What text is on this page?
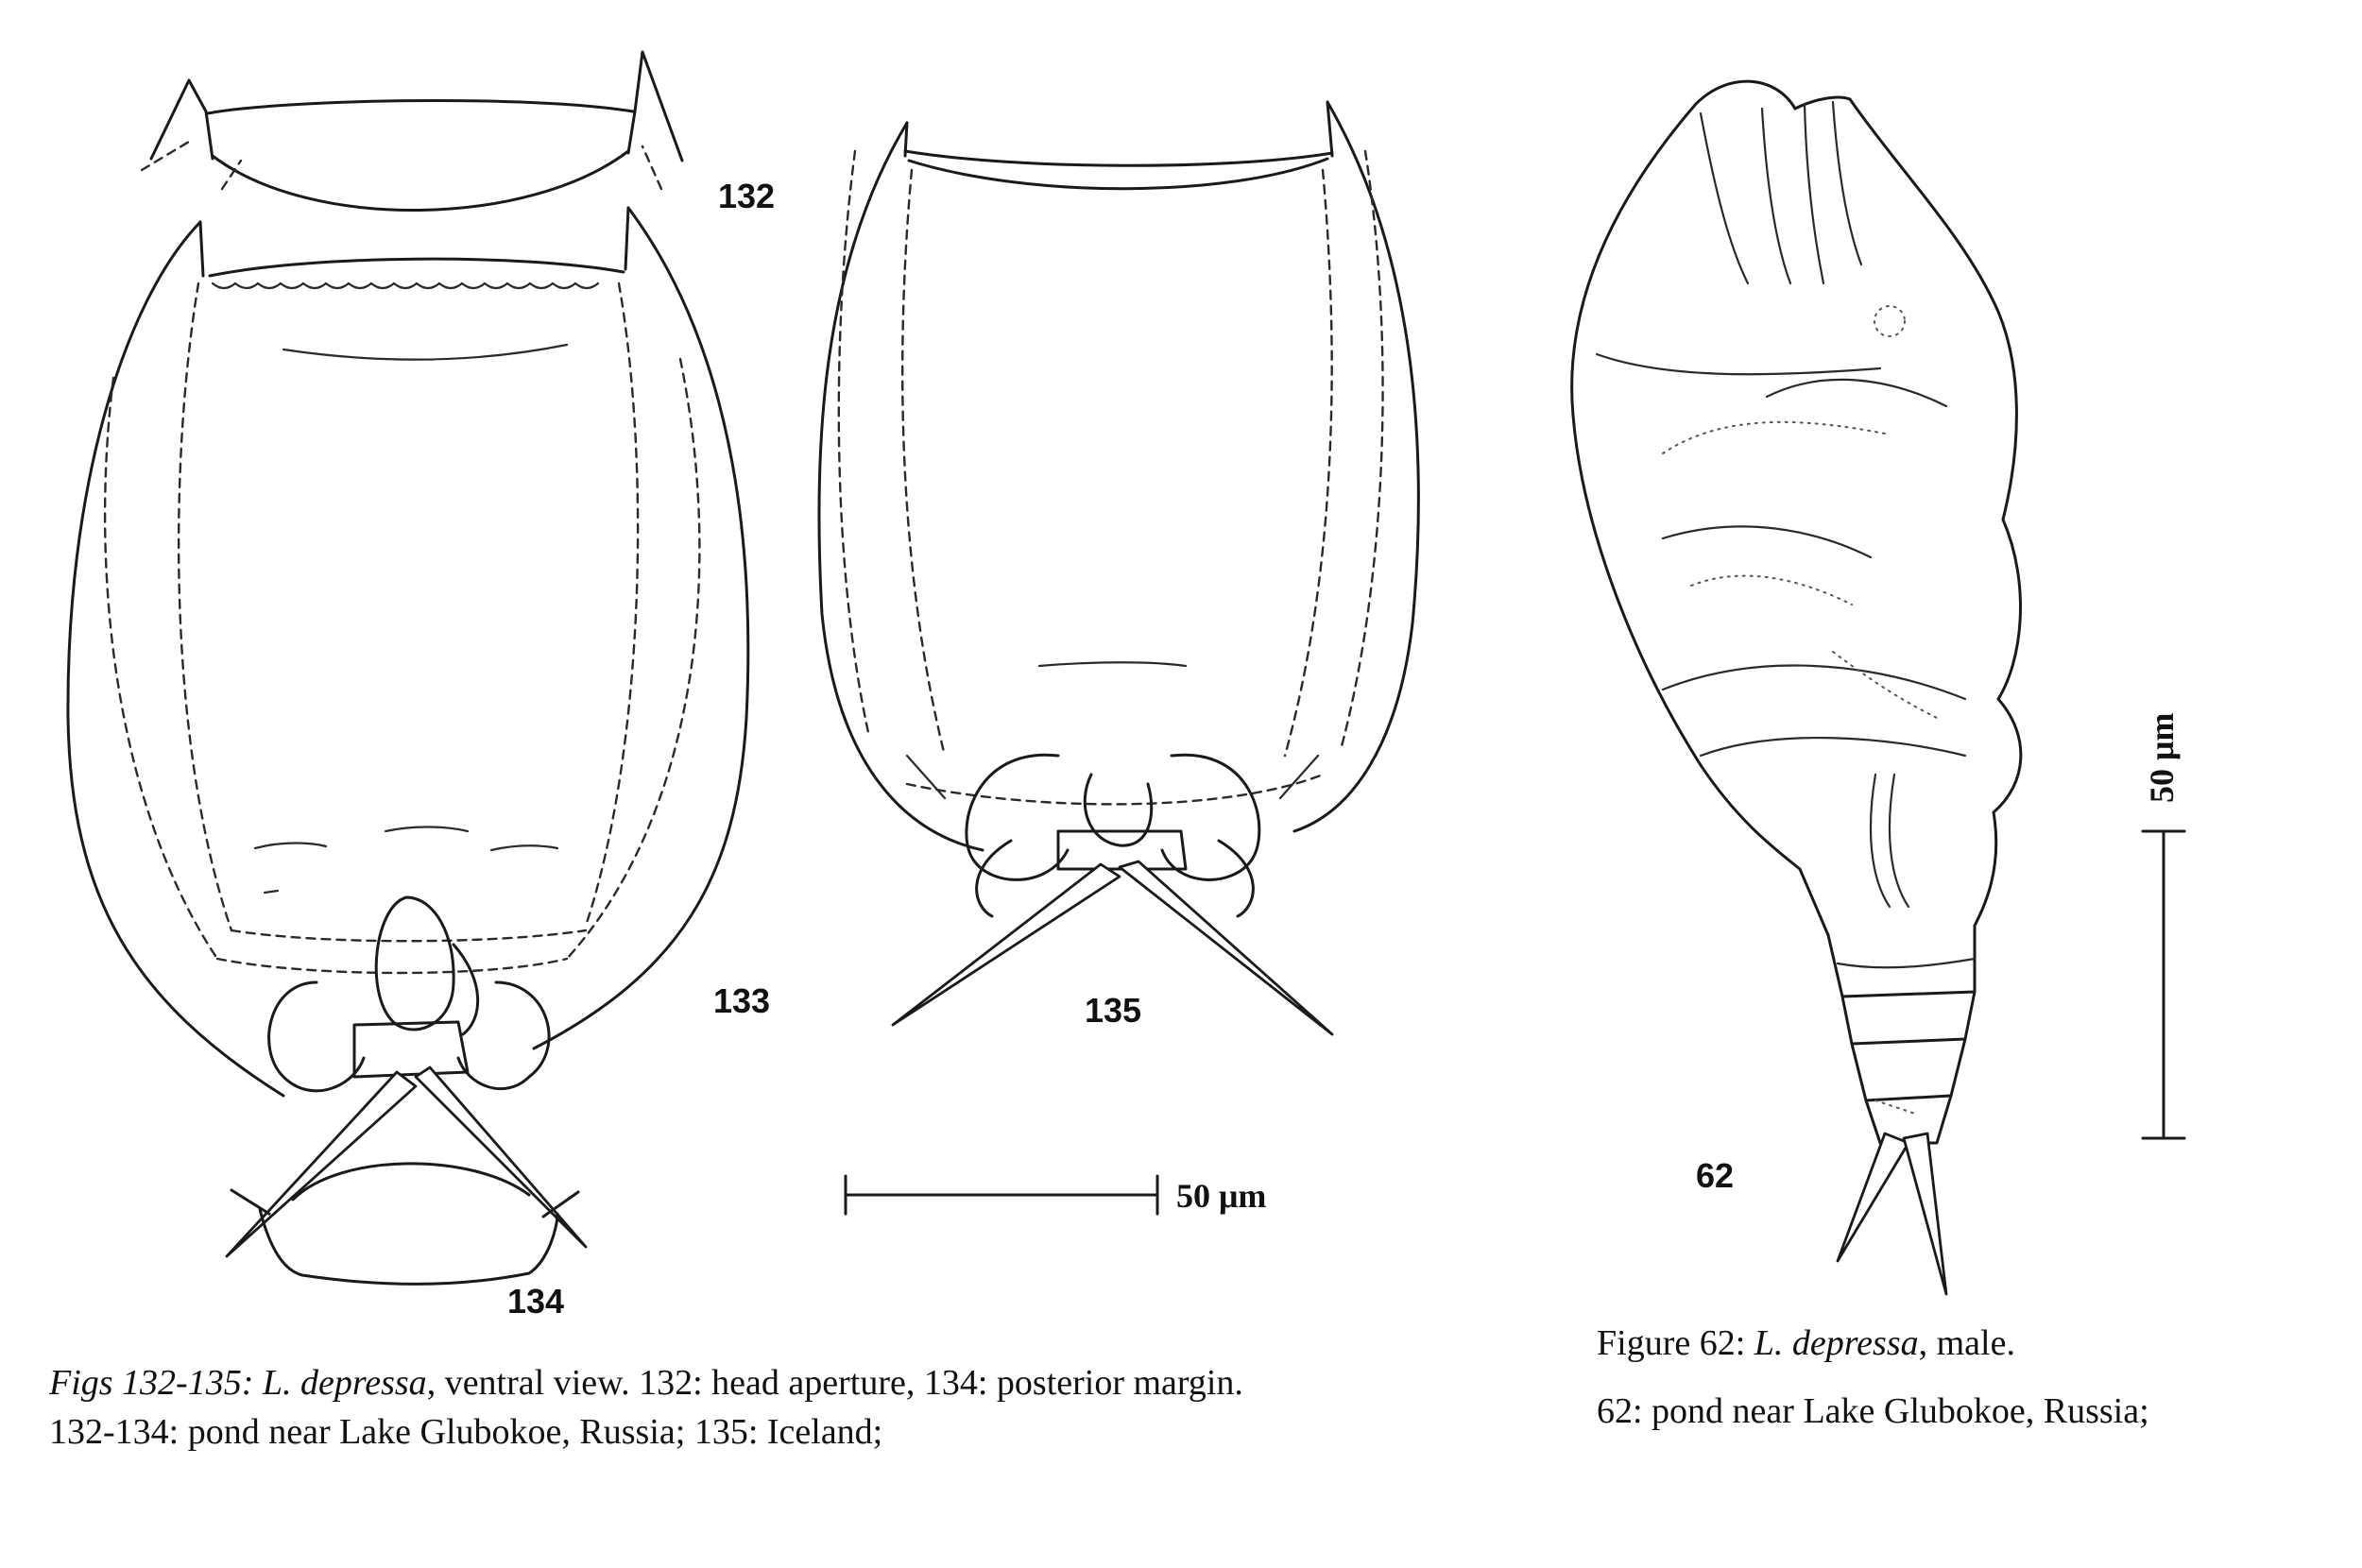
132
133
134
135
62
50 μm
50 μm
Figs 132-135: L. depressa, ventral view. 132: head aperture, 134: posterior margin.
132-134: pond near Lake Glubokoe, Russia; 135: Iceland;
Figure 62: L. depressa, male.
62: pond near Lake Glubokoe, Russia;
